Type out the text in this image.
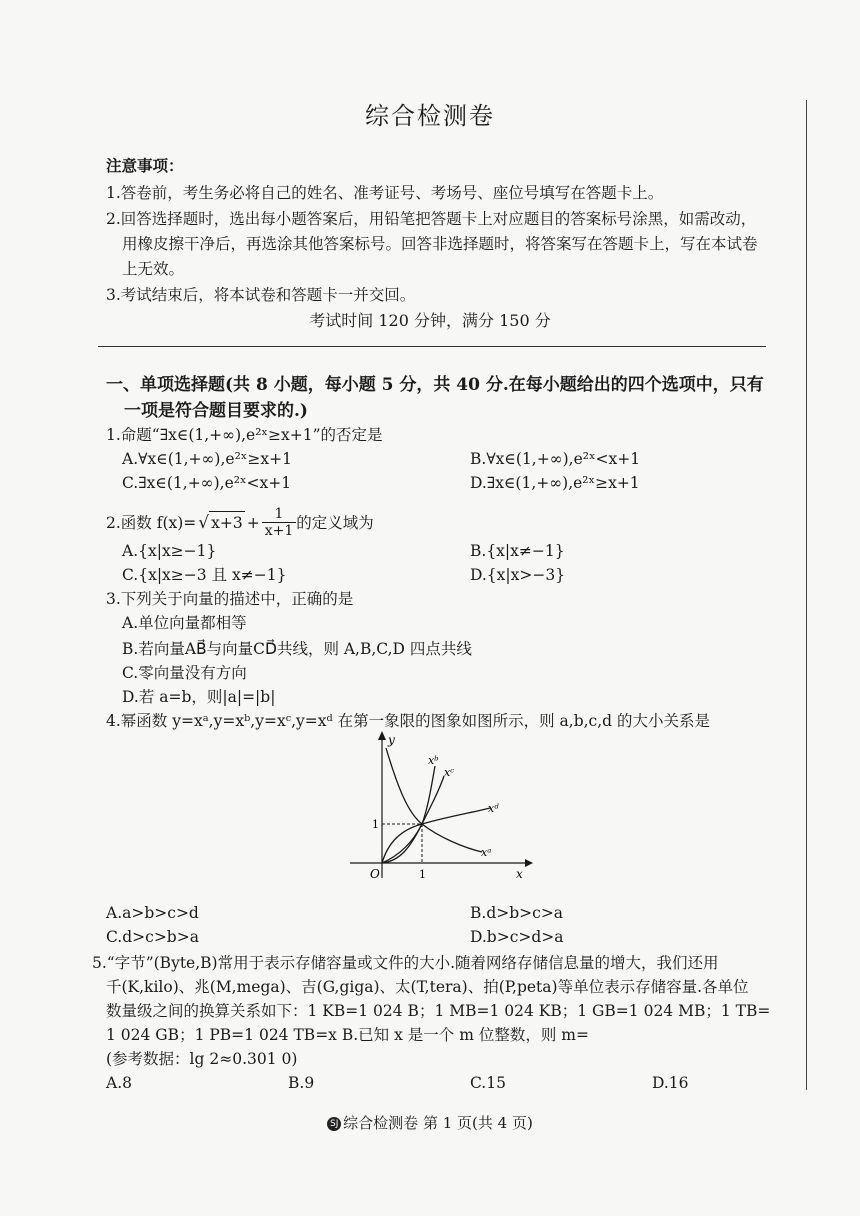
综合检测卷
注意事项：
1.答卷前，考生务必将自己的姓名、准考证号、考场号、座位号填写在答题卡上。
2.回答选择题时，选出每小题答案后，用铅笔把答题卡上对应题目的答案标号涂黑，如需改动，
用橡皮擦干净后，再选涂其他答案标号。回答非选择题时，将答案写在答题卡上，写在本试卷
上无效。
3.考试结束后，将本试卷和答题卡一并交回。
考试时间 120 分钟，满分 150 分
一、单项选择题(共 8 小题，每小题 5 分，共 40 分.在每小题给出的四个选项中，只有
一项是符合题目要求的.)
1.命题“∃x∈(1,+∞),e²ˣ≥x+1”的否定是
A.∀x∈(1,+∞),e²ˣ≥x+1	B.∀x∈(1,+∞),e²ˣ<x+1
C.∃x∈(1,+∞),e²ˣ<x+1	D.∃x∈(1,+∞),e²ˣ≥x+1
2.函数 f(x)= √ $x+3 + \frac{1}{x+1}$ 的定义域为
A.{x|x≥−1}	B.{x|x≠−1}
C.{x|x≥−3 且 x≠−1}	D.{x|x>−3}
3.下列关于向量的描述中，正确的是
A.单位向量都相等
B.若向量AB⃗与向量CD⃗共线，则 A,B,C,D 四点共线
C.零向量没有方向
D.若 a=b，则|a|=|b|
4.幂函数 y=xᵃ,y=xᵇ,y=xᶜ,y=xᵈ 在第一象限的图象如图所示，则 a,b,c,d 的大小关系是
y
x
O	1
1
xᵇ
xᶜ
xᵈ
xᵃ
A.a>b>c>d	B.d>b>c>a
C.d>c>b>a	D.b>c>d>a
5.“字节”(Byte,B)常用于表示存储容量或文件的大小.随着网络存储信息量的增大，我们还用
千(K,kilo)、兆(M,mega)、吉(G,giga)、太(T,tera)、拍(P,peta)等单位表示存储容量.各单位
数量级之间的换算关系如下：1 KB=1 024 B；1 MB=1 024 KB；1 GB=1 024 MB；1 TB=
1 024 GB；1 PB=1 024 TB=x B.已知 x 是一个 m 位整数，则 m=
(参考数据：lg 2≈0.301 0)
A.8	B.9	C.15	D.16
SJ 综合检测卷 第 1 页(共 4 页)
